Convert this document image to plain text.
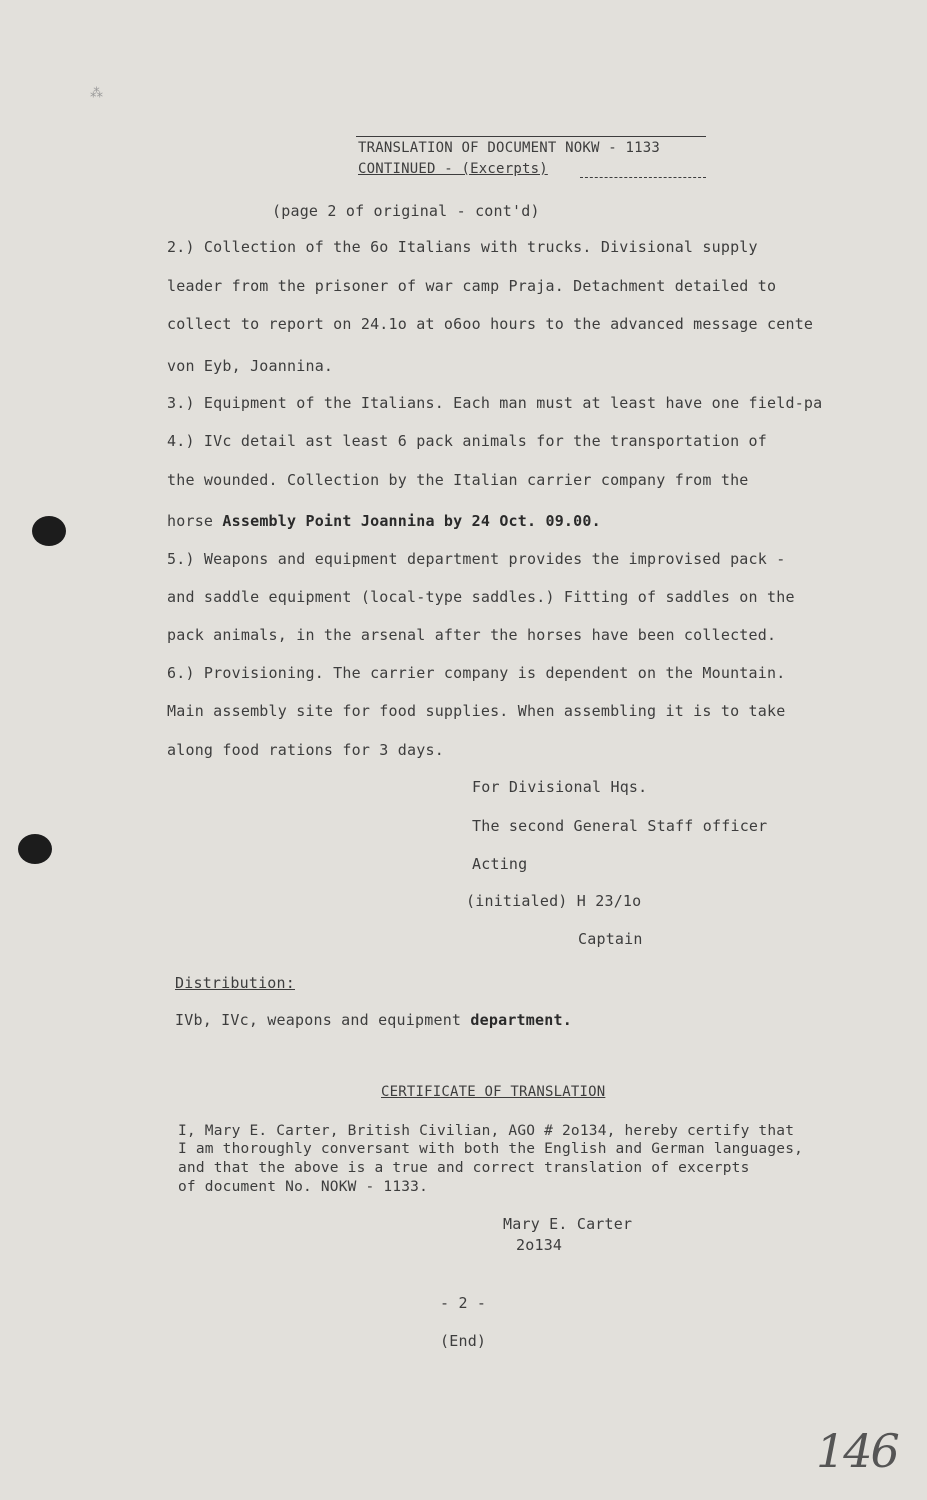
⁂
TRANSLATION OF DOCUMENT NOKW - 1133
CONTINUED - (Excerpts)
(page 2 of original - cont'd)
2.) Collection of the 6o Italians with trucks. Divisional supply
leader from the prisoner of war camp Praja. Detachment detailed to
collect to report on 24.1o at o6oo hours to the advanced message cente
von Eyb, Joannina.
3.) Equipment of the Italians. Each man must at least have one field-pa
4.) IVc detail ast least 6 pack animals for the transportation of
the wounded. Collection by the Italian carrier company from the
horse Assembly Point Joannina by 24 Oct. 09.00.
5.) Weapons and equipment department provides the improvised pack -
and saddle equipment (local-type saddles.) Fitting of saddles on the
pack animals, in the arsenal after the horses have been collected.
6.) Provisioning. The carrier company is dependent on the Mountain.
Main assembly site for food supplies. When assembling it is to take
along food rations for 3 days.
For Divisional Hqs.
The second General Staff officer
Acting
(initialed) H 23/1o
Captain
Distribution:
IVb, IVc, weapons and equipment department.
CERTIFICATE OF TRANSLATION
I, Mary E. Carter, British Civilian, AGO # 2o134, hereby certify that
I am thoroughly conversant with both the English and German languages,
and that the above is a true and correct translation of excerpts
of document No. NOKW - 1133.
Mary E. Carter
2o134
- 2 -
(End)
146
